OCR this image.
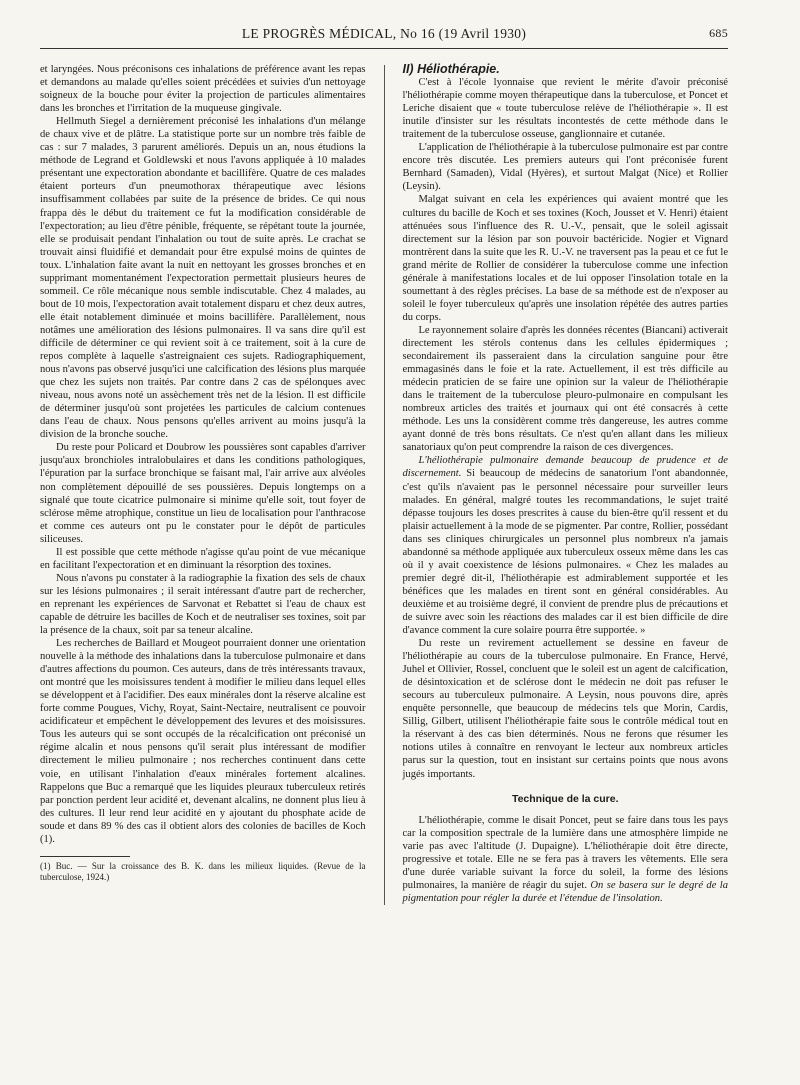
LE PROGRÈS MÉDICAL, No 16 (19 Avril 1930)	685

et laryngées. Nous préconisons ces inhalations de préférence avant les repas et demandons au malade qu'elles soient précédées et suivies d'un nettoyage soigneux de la bouche pour éviter la projection de particules alimentaires dans les bronches et l'irritation de la muqueuse gingivale.

Hellmuth Siegel a dernièrement préconisé les inhalations d'un mélange de chaux vive et de plâtre. La statistique porte sur un nombre très faible de cas : sur 7 malades, 3 parurent améliorés. Depuis un an, nous étudions la méthode de Legrand et Goldlewski et nous l'avons appliquée à 10 malades présentant une expectoration abondante et bacillifère. Quatre de ces malades étaient porteurs d'un pneumothorax thérapeutique avec lésions insuffisamment collabées par suite de la présence de brides. Ce qui nous frappa dès le début du traitement ce fut la modification considérable de l'expectoration; au lieu d'être pénible, fréquente, se répétant toute la journée, elle se produisait pendant l'inhalation ou tout de suite après. Le crachat se trouvait ainsi fluidifié et demandait pour être expulsé moins de quintes de toux. L'inhalation faite avant la nuit en nettoyant les grosses bronches et en supprimant momentanément l'expectoration permettait plusieurs heures de sommeil. Ce rôle mécanique nous semble indiscutable. Chez 4 malades, au bout de 10 mois, l'expectoration avait totalement disparu et chez deux autres, elle était notablement diminuée et moins bacillifère. Parallèlement, nous notâmes une amélioration des lésions pulmonaires. Il va sans dire qu'il est difficile de déterminer ce qui revient soit à ce traitement, soit à la cure de repos complète à laquelle s'astreignaient ces sujets. Radiographiquement, nous n'avons pas observé jusqu'ici une calcification des lésions plus marquée que chez les sujets non traités. Par contre dans 2 cas de spélonques avec niveau, nous avons noté un assèchement très net de la lésion. Il est difficile de déterminer jusqu'où sont projetées les particules de calcium contenues dans l'eau de chaux. Nous pensons qu'elles arrivent au moins jusqu'à la division de la bronche souche.

Du reste pour Policard et Doubrow les poussières sont capables d'arriver jusqu'aux bronchioles intralobulaires et dans les conditions pathologiques, l'épuration par la surface bronchique se faisant mal, l'air arrive aux alvéoles non complètement dépouillé de ses poussières. Depuis longtemps on a signalé que toute cicatrice pulmonaire si minime qu'elle soit, tout foyer de sclérose même atrophique, constitue un lieu de localisation pour l'anthracose et comme ces auteurs ont pu le constater pour le dépôt de particules siliceuses.

Il est possible que cette méthode n'agisse qu'au point de vue mécanique en facilitant l'expectoration et en diminuant la résorption des toxines.

Nous n'avons pu constater à la radiographie la fixation des sels de chaux sur les lésions pulmonaires ; il serait intéressant d'autre part de rechercher, en reprenant les expériences de Sarvonat et Rebattet si l'eau de chaux est capable de détruire les bacilles de Koch et de neutraliser ses toxines, soit par la présence de la chaux, soit par sa teneur alcaline.

Les recherches de Baillard et Mougeot pourraient donner une orientation nouvelle à la méthode des inhalations dans la tuberculose pulmonaire et dans d'autres affections du poumon. Ces auteurs, dans de très intéressants travaux, ont montré que les moisissures tendent à modifier le milieu dans lequel elles se développent et à l'acidifier. Des eaux minérales dont la réserve alcaline est forte comme Pougues, Vichy, Royat, Saint-Nectaire, neutralisent ce pouvoir acidificateur et empêchent le développement des levures et des moisissures. Tous les auteurs qui se sont occupés de la récalcification ont préconisé un régime alcalin et nous pensons qu'il serait plus intéressant de modifier directement le milieu pulmonaire ; nos recherches continuent dans cette voie, en utilisant l'inhalation d'eaux minérales fortement alcalines. Rappelons que Buc a remarqué que les liquides pleuraux tuberculeux retirés par ponction perdent leur acidité et, devenant alcalins, ne donnent plus lieu à des cultures. Il leur rend leur acidité en y ajoutant du phosphate acide de soude et dans 89 % des cas il obtient alors des colonies de bacilles de Koch (1).

(1) Buc. — Sur la croissance des B. K. dans les milieux liquides. (Revue de la tuberculose, 1924.)

II) Héliothérapie.

C'est à l'école lyonnaise que revient le mérite d'avoir préconisé l'héliothérapie comme moyen thérapeutique dans la tuberculose, et Poncet et Leriche disaient que « toute tuberculose relève de l'héliothérapie ». Il est inutile d'insister sur les résultats incontestés de cette méthode dans le traitement de la tuberculose osseuse, ganglionnaire et cutanée.

L'application de l'héliothérapie à la tuberculose pulmonaire est par contre encore très discutée. Les premiers auteurs qui l'ont préconisée furent Bernhard (Samaden), Vidal (Hyères), et surtout Malgat (Nice) et Rollier (Leysin).

Malgat suivant en cela les expériences qui avaient montré que les cultures du bacille de Koch et ses toxines (Koch, Jousset et V. Henri) étaient atténuées sous l'influence des R. U.-V., pensait, que le soleil agissait directement sur la lésion par son pouvoir bactéricide. Nogier et Vignard montrèrent dans la suite que les R. U.-V. ne traversent pas la peau et ce fut le grand mérite de Rollier de considérer la tuberculose comme une infection générale à manifestations locales et de lui opposer l'insolation totale en la soumettant à des règles précises. La base de sa méthode est de n'exposer au soleil le foyer tuberculeux qu'après une insolation répétée des autres parties du corps.

Le rayonnement solaire d'après les données récentes (Biancani) activerait directement les stérols contenus dans les cellules épidermiques ; secondairement ils passeraient dans la circulation sanguine pour être emmagasinés dans le foie et la rate. Actuellement, il est très difficile au médecin praticien de se faire une opinion sur la valeur de l'héliothérapie dans le traitement de la tuberculose pleuro-pulmonaire en compulsant les nombreux articles des traités et journaux qui ont été consacrés à cette méthode. Les uns la considèrent comme très dangereuse, les autres comme ayant donné de très bons résultats. Ce n'est qu'en allant dans les milieux sanatoriaux qu'on peut comprendre la raison de ces divergences.

L'héliothérapie pulmonaire demande beaucoup de prudence et de discernement. Si beaucoup de médecins de sanatorium l'ont abandonnée, c'est qu'ils n'avaient pas le personnel nécessaire pour surveiller leurs malades. En général, malgré toutes les recommandations, le sujet traité dépasse toujours les doses prescrites à cause du bien-être qu'il ressent et du plaisir actuellement à la mode de se pigmenter. Par contre, Rollier, possédant dans ses cliniques chirurgicales un personnel plus nombreux n'a jamais abandonné sa méthode appliquée aux tuberculeux osseux même dans les cas où il y avait coexistence de lésions pulmonaires. « Chez les malades au premier degré dit-il, l'héliothérapie est admirablement supportée et les bénéfices que les malades en tirent sont en général considérables. Au deuxième et au troisième degré, il convient de prendre plus de précautions et de suivre avec soin les réactions des malades car il est bien difficile de dire d'avance comment la cure solaire pourra être supportée. »

Du reste un revirement actuellement se dessine en faveur de l'héliothérapie au cours de la tuberculose pulmonaire. En France, Hervé, Juhel et Ollivier, Rossel, concluent que le soleil est un agent de calcification, de désintoxication et de sclérose dont le médecin ne doit pas refuser le secours au tuberculeux pulmonaire. A Leysin, nous pouvons dire, après enquête personnelle, que beaucoup de médecins tels que Morin, Cardis, Sillig, Gilbert, utilisent l'héliothérapie faite sous le contrôle médical tout en la réservant à des cas bien déterminés. Nous ne ferons que résumer les notions utiles à connaître en renvoyant le lecteur aux nombreux articles parus sur la question, tout en insistant sur certains points que nous avons jugés importants.

Technique de la cure.

L'héliothérapie, comme le disait Poncet, peut se faire dans tous les pays car la composition spectrale de la lumière dans une atmosphère limpide ne varie pas avec l'altitude (J. Dupaigne). L'héliothérapie doit être directe, progressive et totale. Elle ne se fera pas à travers les vêtements. Elle sera d'une durée variable suivant la force du soleil, la forme des lésions pulmonaires, la manière de réagir du sujet. On se basera sur le degré de la pigmentation pour régler la durée et l'étendue de l'insolation.
